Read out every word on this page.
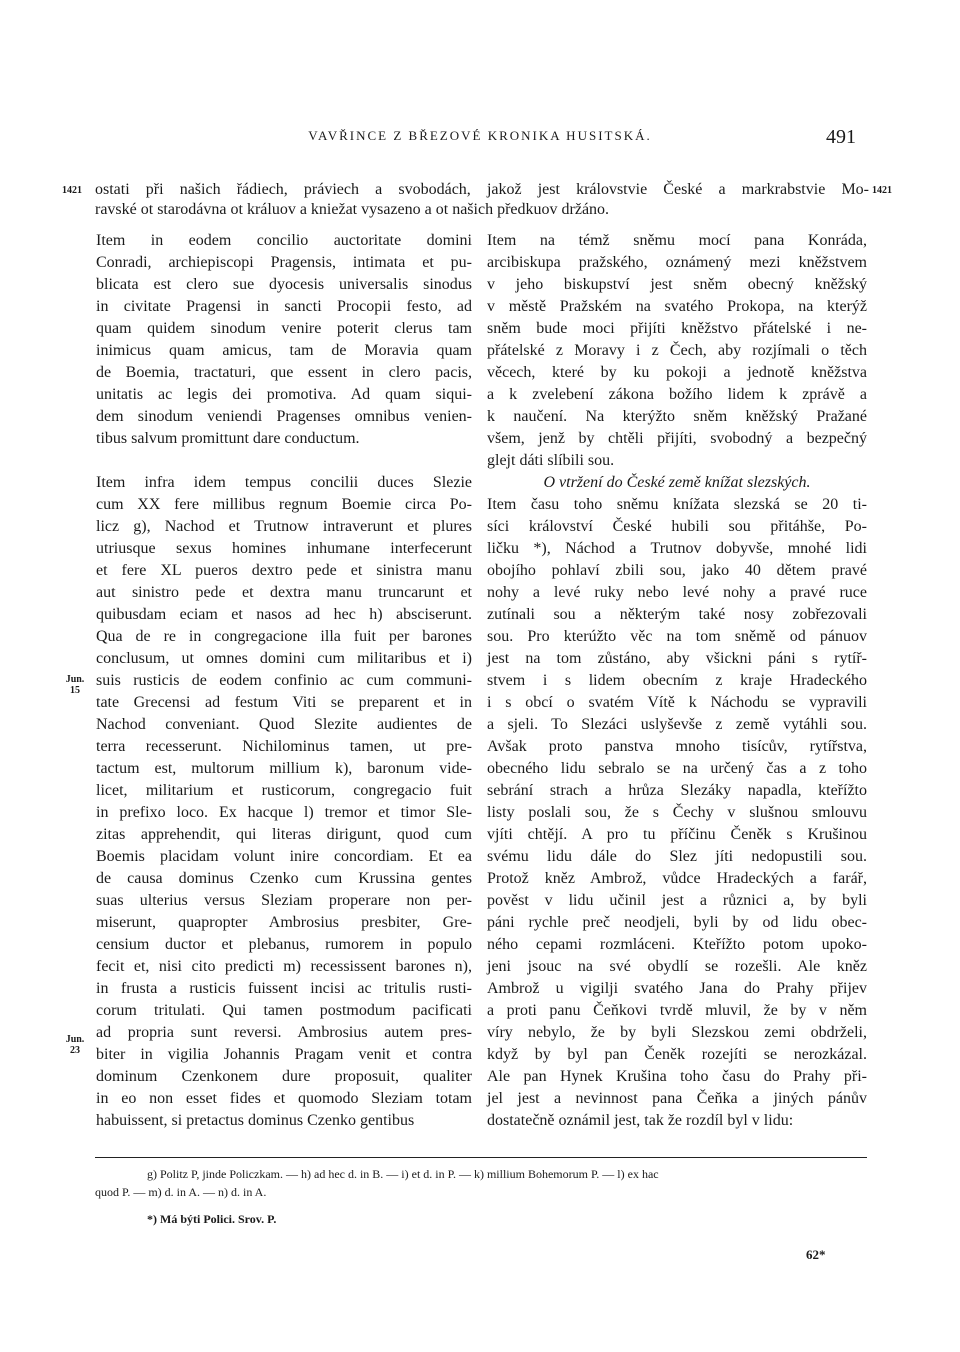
VAVŘINCE Z BŘEZOVÉ KRONIKA HUSITSKÁ.	491
1421	1421
ostati při našich řádiech, práviech a svobodách, jakož jest královstvie České a markrabstvie Mo-
ravské ot starodávna ot králuov a kniežat vysazeno a ot našich předkuov držáno.
Item in eodem concilio auctoritate domini
Conradi, archiepiscopi Pragensis, intimata et pu-
blicata est clero sue dyocesis universalis sinodus
in civitate Pragensi in sancti Procopii festo, ad
quam quidem sinodum venire poterit clerus tam
inimicus quam amicus, tam de Moravia quam
de Boemia, tractaturi, que essent in clero pacis,
unitatis ac legis dei promotiva. Ad quam siqui-
dem sinodum veniendi Pragenses omnibus venien-
tibus salvum promittunt dare conductum.
Item infra idem tempus concilii duces Slezie
cum XX fere millibus regnum Boemie circa Po-
licz g), Nachod et Trutnow intraverunt et plures
utriusque sexus homines inhumane interfecerunt
et fere XL pueros dextro pede et sinistra manu
aut sinistro pede et dextra manu truncarunt et
quibusdam eciam et nasos ad hec h) absciserunt.
Qua de re in congregacione illa fuit per barones
conclusum, ut omnes domini cum militaribus et i)
suis rusticis de eodem confinio ac cum communi-
tate Grecensi ad festum Viti se preparent et in
Nachod conveniant. Quod Slezite audientes de
terra recesserunt. Nichilominus tamen, ut pre-
tactum est, multorum millium k), baronum vide-
licet, militarium et rusticorum, congregacio fuit
in prefixo loco. Ex hacque l) tremor et timor Sle-
zitas apprehendit, qui literas dirigunt, quod cum
Boemis placidam volunt inire concordiam. Et ea
de causa dominus Czenko cum Krussina gentes
suas ulterius versus Sleziam properare non per-
miserunt, quapropter Ambrosius presbiter, Gre-
censium ductor et plebanus, rumorem in populo
fecit et, nisi cito predicti m) recessissent barones n),
in frusta a rusticis fuissent incisi ac tritulis rusti-
corum tritulati. Qui tamen postmodum pacificati
ad propria sunt reversi. Ambrosius autem pres-
biter in vigilia Johannis Pragam venit et contra
dominum Czenkonem dure proposuit, qualiter
in eo non esset fides et quomodo Sleziam totam
habuissent, si pretactus dominus Czenko gentibus
Item na témž sněmu mocí pana Konráda,
arcibiskupa pražského, oznámený mezi kněžstvem
v jeho biskupství jest sněm obecný kněžský
v městě Pražském na svatého Prokopa, na kterýž
sněm bude moci přijíti kněžstvo přátelské i ne-
přátelské z Moravy i z Čech, aby rozjímali o těch
věcech, které by ku pokoji a jednotě kněžstva
a k zvelebení zákona božího lidem k zprávě a
k naučení. Na kterýžto sněm kněžský Pražané
všem, jenž by chtěli přijíti, svobodný a bezpečný
glejt dáti slíbili sou.
O vtržení do České země knížat slezských.
Item času toho sněmu knížata slezská se 20 ti-
síci království České hubili sou přitáhše, Po-
ličku *), Náchod a Trutnov dobyvše, mnohé lidi
obojího pohlaví zbili sou, jako 40 dětem pravé
nohy a levé ruky nebo levé nohy a pravé ruce
zutínali sou a některým také nosy zobřezovali
sou. Pro kterúžto věc na tom sněmě od pánuov
jest na tom zůstáno, aby všickni páni s rytíř-
stvem i s lidem obecním z kraje Hradeckého
i s obcí o svatém Vítě k Náchodu se vypravili
a sjeli. To Slezáci uslyševše z země vytáhli sou.
Avšak proto panstva mnoho tisícův, rytířstva,
obecného lidu sebralo se na určený čas a z toho
sebrání strach a hrůza Slezáky napadla, kteřížto
listy poslali sou, že s Čechy v slušnou smlouvu
vjíti chtějí. A pro tu příčinu Čeněk s Krušinou
svému lidu dále do Slez jíti nedopustili sou.
Protož kněz Ambrož, vůdce Hradeckých a farář,
pověst v lidu učinil jest a různici a, by byli
páni rychle preč neodjeli, byli by od lidu obec-
ného cepami rozmláceni. Kteřížto potom upoko-
jeni jsouc na své obydlí se rozešli. Ale kněz
Ambrož u vigilji svatého Jana do Prahy přijev
a proti panu Čeňkovi tvrdě mluvil, že by v něm
víry nebylo, že by byli Slezskou zemi obdrželi,
když by byl pan Čeněk rozejíti se nerozkázal.
Ale pan Hynek Krušina toho času do Prahy při-
jel jest a nevinnost pana Čeňka a jiných pánův
dostatečně oznámil jest, tak že rozdíl byl v lidu:
Jun.
15
Jun.
23
g) Politz P, jinde Policzkam. — h) ad hec d. in B. — i) et d. in P. — k) millium Bohemorum P. — l) ex hac
quod P. — m) d. in A. — n) d. in A.
*) Má býti Polici. Srov. P.
62*
